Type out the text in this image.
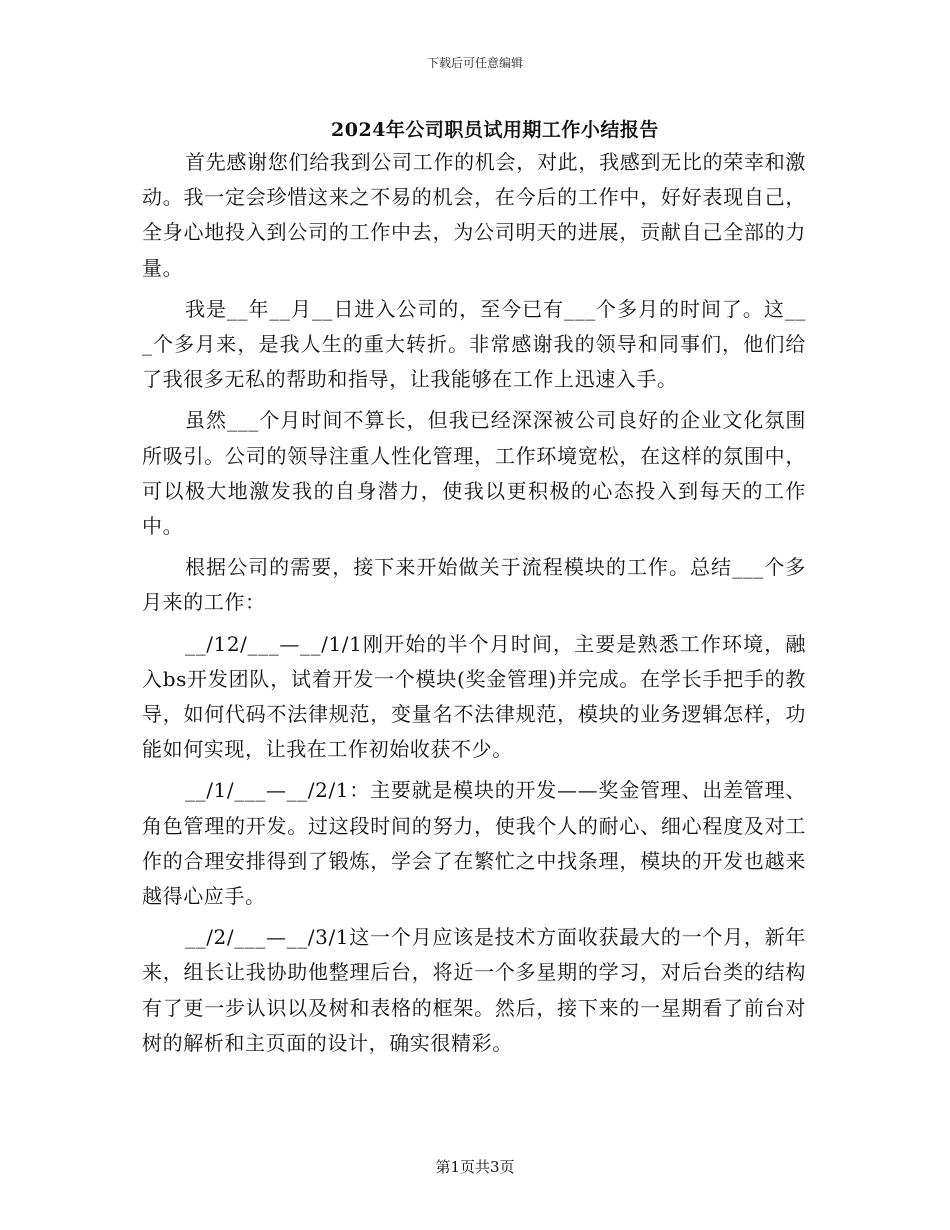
下载后可任意编辑
2024年公司职员试用期工作小结报告

首先感谢您们给我到公司工作的机会，对此，我感到无比的荣幸和激动。我一定会珍惜这来之不易的机会，在今后的工作中，好好表现自己，全身心地投入到公司的工作中去，为公司明天的进展，贡献自己全部的力量。

我是__年__月__日进入公司的，至今已有___个多月的时间了。这___个多月来，是我人生的重大转折。非常感谢我的领导和同事们，他们给了我很多无私的帮助和指导，让我能够在工作上迅速入手。

虽然___个月时间不算长，但我已经深深被公司良好的企业文化氛围所吸引。公司的领导注重人性化管理，工作环境宽松，在这样的氛围中，可以极大地激发我的自身潜力，使我以更积极的心态投入到每天的工作中。

根据公司的需要，接下来开始做关于流程模块的工作。总结___个多月来的工作：

__/12/___—__/1/1刚开始的半个月时间，主要是熟悉工作环境，融入bs开发团队，试着开发一个模块(奖金管理)并完成。在学长手把手的教导，如何代码不法律规范，变量名不法律规范，模块的业务逻辑怎样，功能如何实现，让我在工作初始收获不少。

__/1/___—__/2/1：主要就是模块的开发——奖金管理、出差管理、角色管理的开发。过这段时间的努力，使我个人的耐心、细心程度及对工作的合理安排得到了锻炼，学会了在繁忙之中找条理，模块的开发也越来越得心应手。

__/2/___—__/3/1这一个月应该是技术方面收获最大的一个月，新年来，组长让我协助他整理后台，将近一个多星期的学习，对后台类的结构有了更一步认识以及树和表格的框架。然后，接下来的一星期看了前台对树的解析和主页面的设计，确实很精彩。

第1页共3页
